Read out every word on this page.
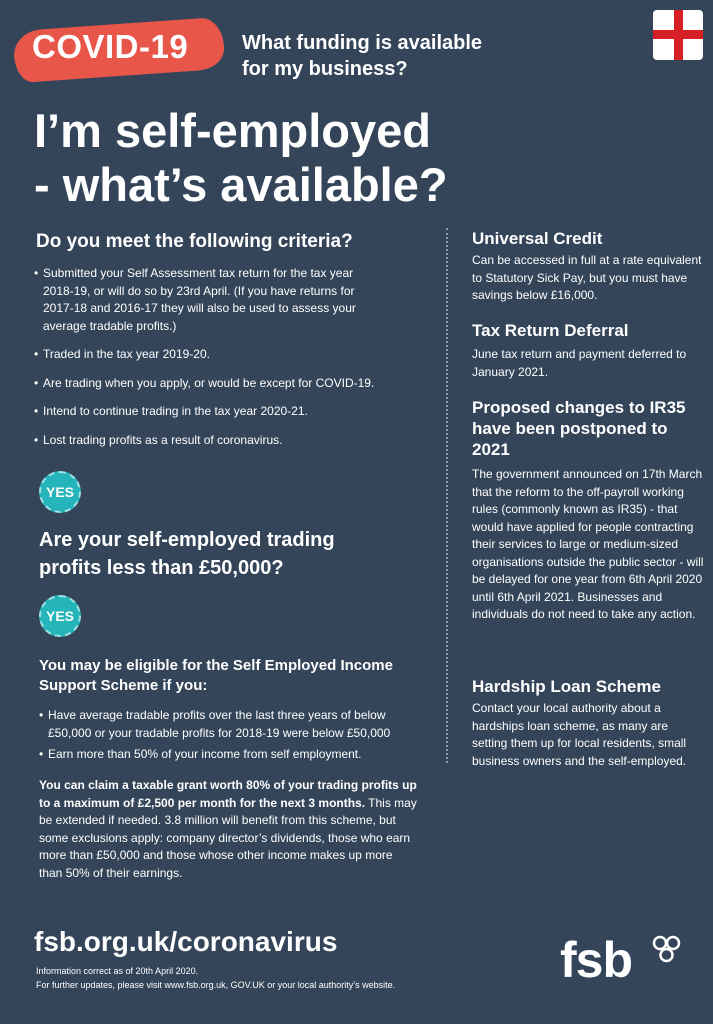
COVID-19	What funding is available
for my business?
I’m self-employed
- what’s available?
Do you meet the following criteria?
• Submitted your Self Assessment tax return for the tax year 2018-19, or will do so by 23rd April. (If you have returns for 2017-18 and 2016-17 they will also be used to assess your average tradable profits.)
• Traded in the tax year 2019-20.
• Are trading when you apply, or would be except for COVID-19.
• Intend to continue trading in the tax year 2020-21.
• Lost trading profits as a result of coronavirus.
YES
Are your self-employed trading
profits less than £50,000?
YES
You may be eligible for the Self Employed Income Support Scheme if you:
• Have average tradable profits over the last three years of below £50,000 or your tradable profits for 2018-19 were below £50,000
• Earn more than 50% of your income from self employment.
You can claim a taxable grant worth 80% of your trading profits up to a maximum of £2,500 per month for the next 3 months. This may be extended if needed. 3.8 million will benefit from this scheme, but some exclusions apply: company director’s dividends, those who earn more than £50,000 and those whose other income makes up more than 50% of their earnings.
Universal Credit
Can be accessed in full at a rate equivalent to Statutory Sick Pay, but you must have savings below £16,000.
Tax Return Deferral
June tax return and payment deferred to January 2021.
Proposed changes to IR35 have been postponed to 2021
The government announced on 17th March that the reform to the off-payroll working rules (commonly known as IR35) - that would have applied for people contracting their services to large or medium-sized organisations outside the public sector - will be delayed for one year from 6th April 2020 until 6th April 2021. Businesses and individuals do not need to take any action.
Hardship Loan Scheme
Contact your local authority about a hardships loan scheme, as many are setting them up for local residents, small business owners and the self-employed.
fsb.org.uk/coronavirus
Information correct as of 20th April 2020.
For further updates, please visit www.fsb.org.uk, GOV.UK or your local authority’s website.	fsb
